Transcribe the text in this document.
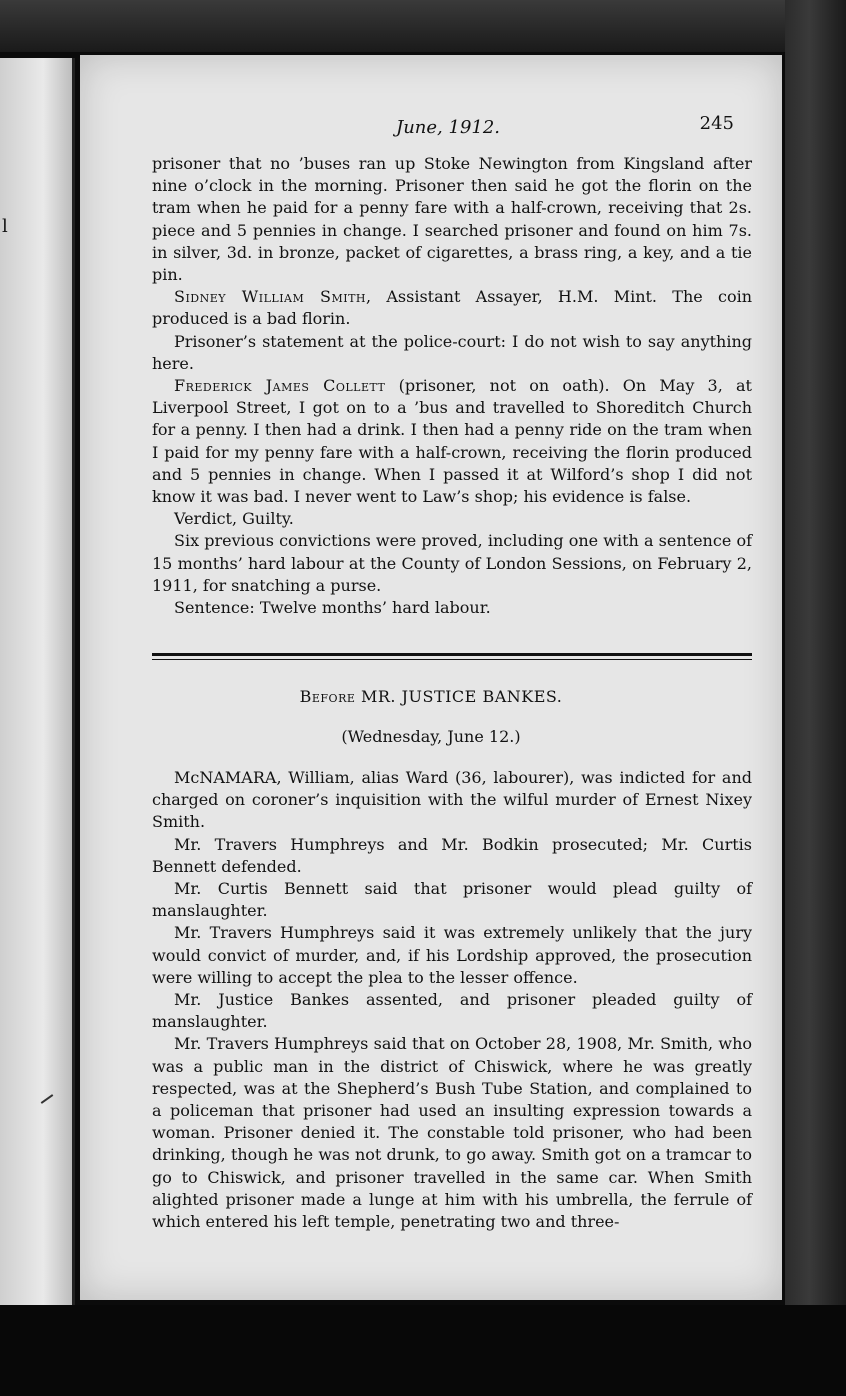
l
June, 1912.	245

prisoner that no ’buses ran up Stoke Newington from Kingsland after nine o’clock in the morning. Prisoner then said he got the florin on the tram when he paid for a penny fare with a half-crown, receiving that 2s. piece and 5 pennies in change. I searched prisoner and found on him 7s. in silver, 3d. in bronze, packet of cigarettes, a brass ring, a key, and a tie pin.

Sidney William Smith, Assistant Assayer, H.M. Mint. The coin produced is a bad florin.

Prisoner’s statement at the police-court: I do not wish to say anything here.

Frederick James Collett (prisoner, not on oath). On May 3, at Liverpool Street, I got on to a ’bus and travelled to Shoreditch Church for a penny. I then had a drink. I then had a penny ride on the tram when I paid for my penny fare with a half-crown, receiving the florin produced and 5 pennies in change. When I passed it at Wilford’s shop I did not know it was bad. I never went to Law’s shop; his evidence is false.

Verdict, Guilty.

Six previous convictions were proved, including one with a sentence of 15 months’ hard labour at the County of London Sessions, on February 2, 1911, for snatching a purse.

Sentence: Twelve months’ hard labour.

Before MR. JUSTICE BANKES.
(Wednesday, June 12.)

McNAMARA, William, alias Ward (36, labourer), was indicted for and charged on coroner’s inquisition with the wilful murder of Ernest Nixey Smith.

Mr. Travers Humphreys and Mr. Bodkin prosecuted; Mr. Curtis Bennett defended.

Mr. Curtis Bennett said that prisoner would plead guilty of manslaughter.

Mr. Travers Humphreys said it was extremely unlikely that the jury would convict of murder, and, if his Lordship approved, the prosecution were willing to accept the plea to the lesser offence.

Mr. Justice Bankes assented, and prisoner pleaded guilty of manslaughter.

Mr. Travers Humphreys said that on October 28, 1908, Mr. Smith, who was a public man in the district of Chiswick, where he was greatly respected, was at the Shepherd’s Bush Tube Station, and complained to a policeman that prisoner had used an insulting expression towards a woman. Prisoner denied it. The constable told prisoner, who had been drinking, though he was not drunk, to go away. Smith got on a tramcar to go to Chiswick, and prisoner travelled in the same car. When Smith alighted prisoner made a lunge at him with his umbrella, the ferrule of which entered his left temple, penetrating two and three-
